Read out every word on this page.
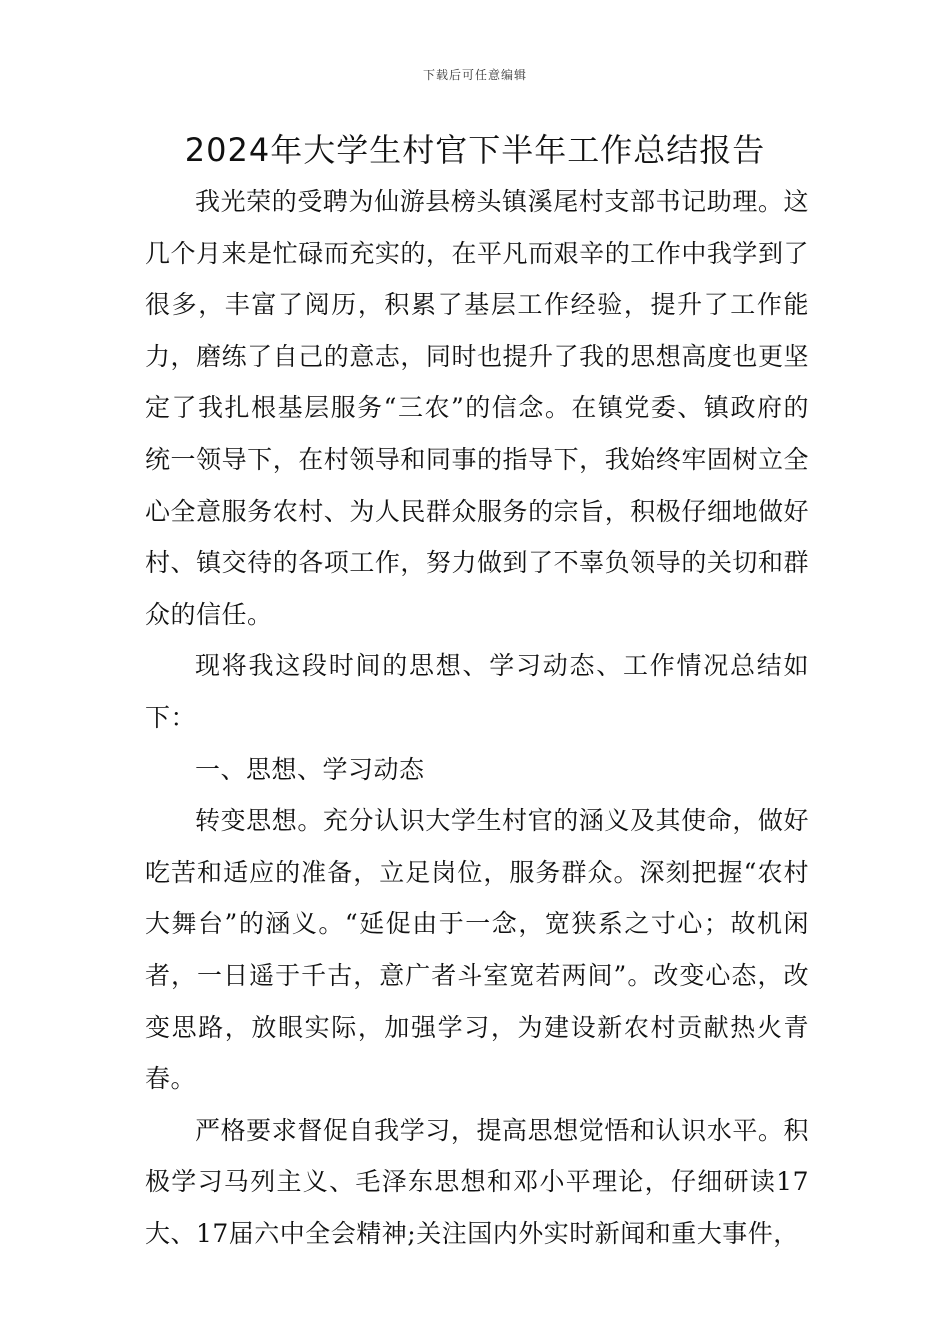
下载后可任意编辑
2024年大学生村官下半年工作总结报告

我光荣的受聘为仙游县榜头镇溪尾村支部书记助理。这几个月来是忙碌而充实的，在平凡而艰辛的工作中我学到了很多，丰富了阅历，积累了基层工作经验，提升了工作能力，磨练了自己的意志，同时也提升了我的思想高度也更坚定了我扎根基层服务“三农”的信念。在镇党委、镇政府的统一领导下，在村领导和同事的指导下，我始终牢固树立全心全意服务农村、为人民群众服务的宗旨，积极仔细地做好村、镇交待的各项工作，努力做到了不辜负领导的关切和群众的信任。

现将我这段时间的思想、学习动态、工作情况总结如下：

一、思想、学习动态

转变思想。充分认识大学生村官的涵义及其使命，做好吃苦和适应的准备，立足岗位，服务群众。深刻把握“农村大舞台”的涵义。“延促由于一念，宽狭系之寸心；故机闲者，一日遥于千古，意广者斗室宽若两间”。改变心态，改变思路，放眼实际，加强学习，为建设新农村贡献热火青春。

严格要求督促自我学习，提高思想觉悟和认识水平。积极学习马列主义、毛泽东思想和邓小平理论，仔细研读17大、17届六中全会精神;关注国内外实时新闻和重大事件，
